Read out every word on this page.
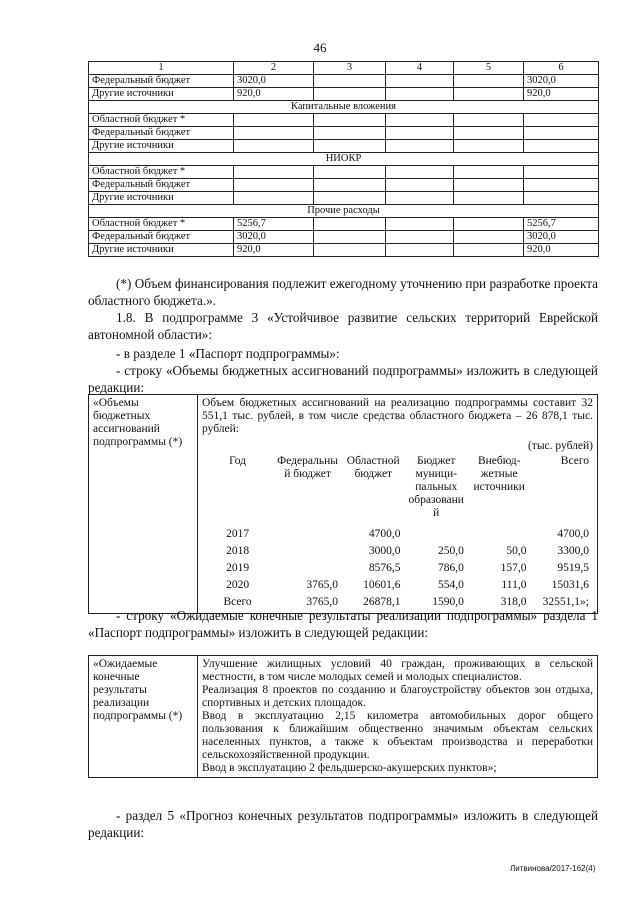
46
1	2	3	4	5	6
Федеральный бюджет	3020,0				3020,0
Другие источники	920,0				920,0
Капитальные вложения					
Областной бюджет *					
Федеральный бюджет					
Другие источники					
НИОКР					
Областной бюджет *					
Федеральный бюджет					
Другие источники					
Прочие расходы					
Областной бюджет *	5256,7				5256,7
Федеральный бюджет	3020,0				3020,0
Другие источники	920,0				920,0
(*) Объем финансирования подлежит ежегодному уточнению при разработке проекта областного бюджета.».
1.8. В подпрограмме 3 «Устойчивое развитие сельских территорий Еврейской автономной области»:
- в разделе 1 «Паспорт подпрограммы»:
- строку «Объемы бюджетных ассигнований подпрограммы» изложить в следующей редакции:
«Объемы бюджетных ассигнований подпрограммы (*)	
Объем бюджетных ассигнований на реализацию подпрограммы составит 32 551,1 тыс. рублей, в том числе средства областного бюджета – 26 878,1 тыс. рублей:
(тыс. рублей)
Год	Федеральны й бюджет	Областной бюджет	Бюджет муници-пальных образовани й	Внебюд-жетные источники	Всего
2017		4700,0			4700,0
2018		3000,0	250,0	50,0	3300,0
2019		8576,5	786,0	157,0	9519,5
2020	3765,0	10601,6	554,0	111,0	15031,6
Всего	3765,0	26878,1	1590,0	318,0	32551,1»;
- строку «Ожидаемые конечные результаты реализации подпрограммы» раздела 1 «Паспорт подпрограммы» изложить в следующей редакции:
«Ожидаемые конечные результаты реализации подпрограммы (*)	
Улучшение жилищных условий 40 граждан, проживающих в сельской местности, в том числе молодых семей и молодых специалистов.
Реализация 8 проектов по созданию и благоустройству объектов зон отдыха, спортивных и детских площадок.
Ввод в эксплуатацию 2,15 километра автомобильных дорог общего пользования к ближайшим общественно значимым объектам сельских населенных пунктов, а также к объектам производства и переработки сельскохозяйственной продукции.
Ввод в эксплуатацию 2 фельдшерско-акушерских пунктов»;
- раздел 5 «Прогноз конечных результатов подпрограммы» изложить в следующей редакции:
Литвинова/2017-162(4)
